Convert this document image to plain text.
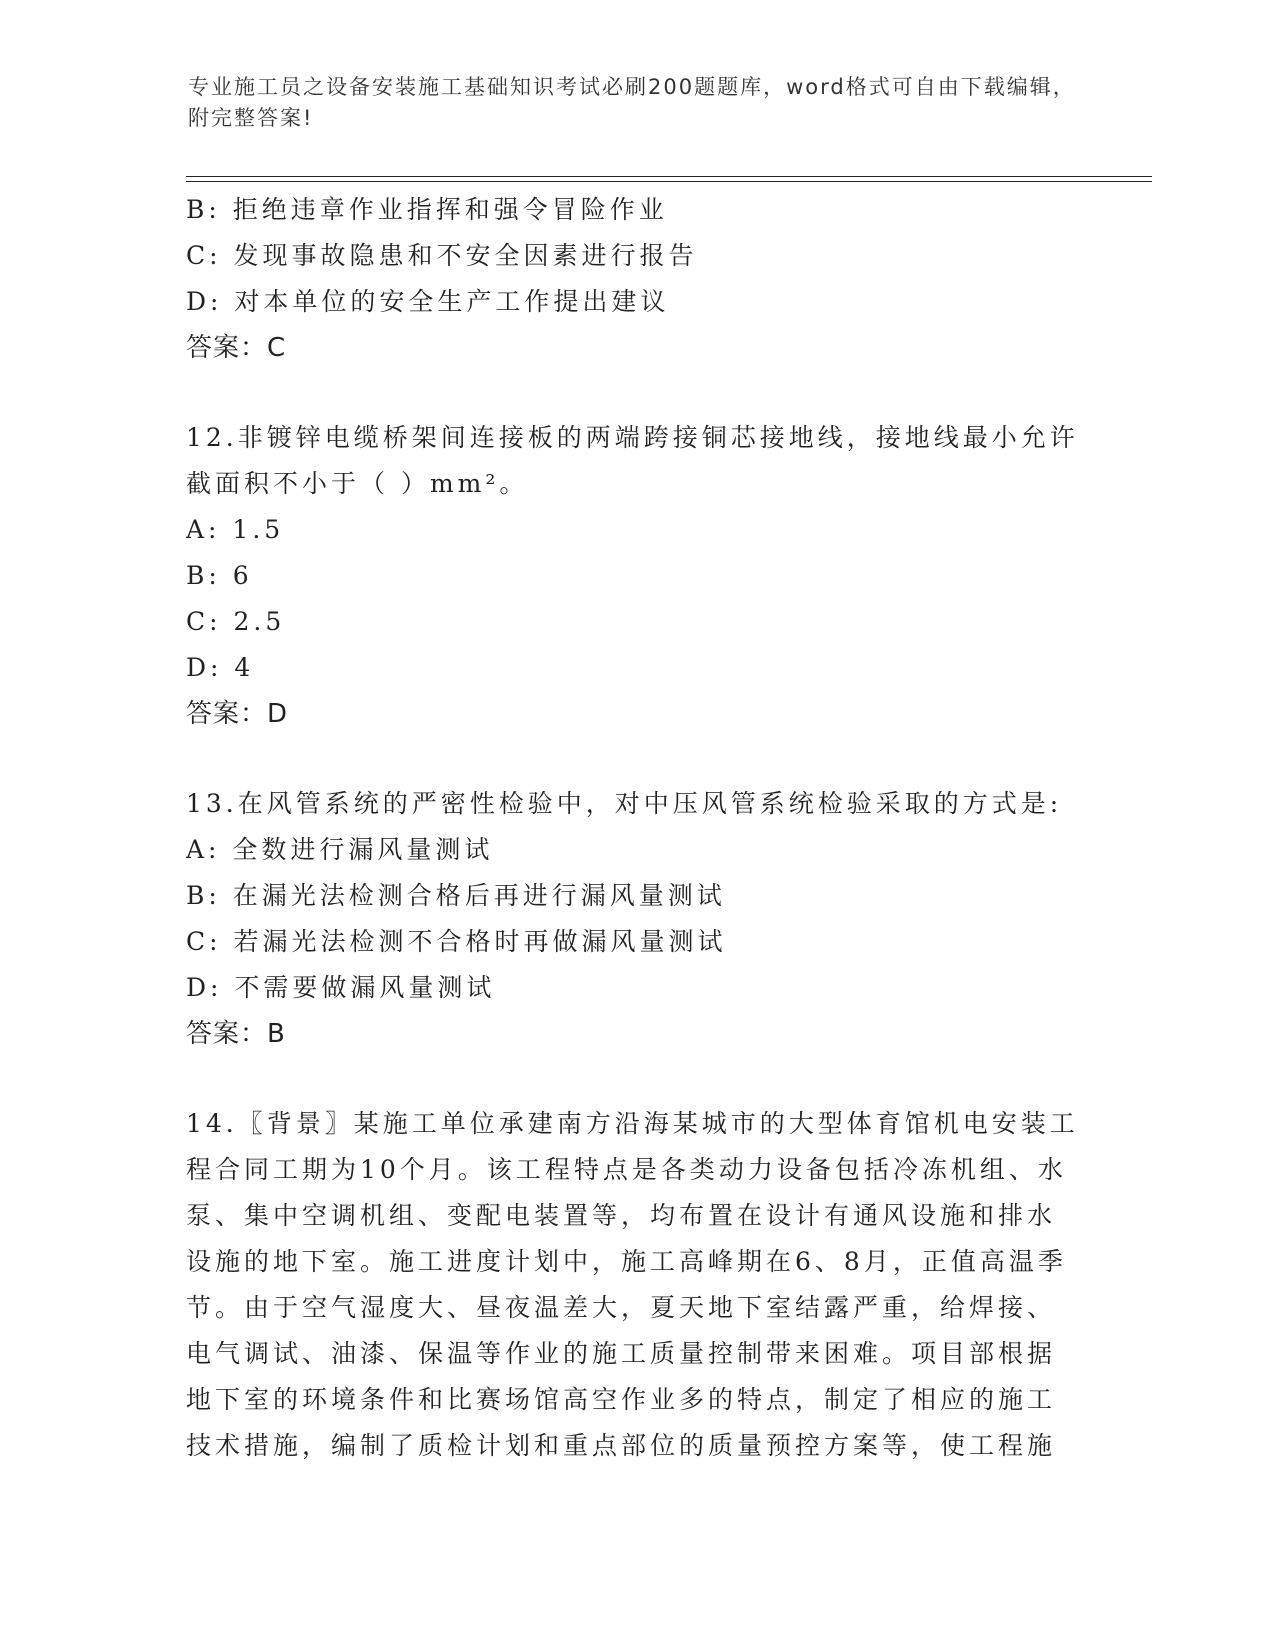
专业施工员之设备安装施工基础知识考试必刷200题题库，word格式可自由下载编辑，附完整答案!
B: 拒绝违章作业指挥和强令冒险作业
C: 发现事故隐患和不安全因素进行报告
D: 对本单位的安全生产工作提出建议
答案：C
12.非镀锌电缆桥架间连接板的两端跨接铜芯接地线，接地线最小允许
截面积不小于（ ）mm²。
A: 1.5
B: 6
C: 2.5
D: 4
答案：D
13.在风管系统的严密性检验中，对中压风管系统检验采取的方式是:
A: 全数进行漏风量测试
B: 在漏光法检测合格后再进行漏风量测试
C: 若漏光法检测不合格时再做漏风量测试
D: 不需要做漏风量测试
答案：B
14.〖背景〗某施工单位承建南方沿海某城市的大型体育馆机电安装工
程合同工期为10个月。该工程特点是各类动力设备包括冷冻机组、水
泵、集中空调机组、变配电装置等，均布置在设计有通风设施和排水
设施的地下室。施工进度计划中，施工高峰期在6、8月，正值高温季
节。由于空气湿度大、昼夜温差大，夏天地下室结露严重，给焊接、
电气调试、油漆、保温等作业的施工质量控制带来困难。项目部根据
地下室的环境条件和比赛场馆高空作业多的特点，制定了相应的施工
技术措施，编制了质检计划和重点部位的质量预控方案等，使工程施
